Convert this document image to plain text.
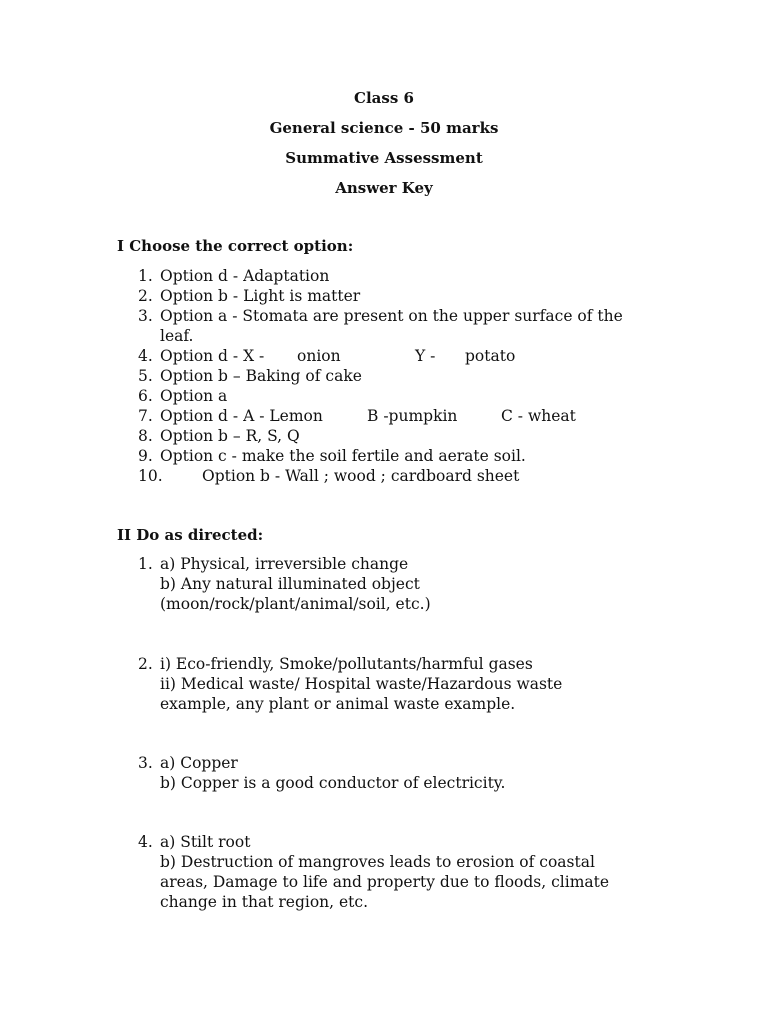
Class 6
General science - 50 marks
Summative Assessment
Answer Key
I Choose the correct option:
1. Option d - Adaptation
2. Option b - Light is matter
3. Option a - Stomata are present on the upper surface of the leaf.
4. Option d - X - onion	Y - potato
5. Option b – Baking of cake
6. Option a
7. Option d - A - Lemon	B -pumpkin	C - wheat
8. Option b – R, S, Q
9. Option c - make the soil fertile and aerate soil.
10.	Option b - Wall ; wood ; cardboard sheet
II Do as directed:
1. a) Physical, irreversible change
b) Any natural illuminated object
(moon/rock/plant/animal/soil, etc.)
2. i) Eco-friendly, Smoke/pollutants/harmful gases
ii) Medical waste/ Hospital waste/Hazardous waste
example, any plant or animal waste example.
3. a) Copper
b) Copper is a good conductor of electricity.
4. a) Stilt root
b) Destruction of mangroves leads to erosion of coastal
areas, Damage to life and property due to floods, climate
change in that region, etc.
